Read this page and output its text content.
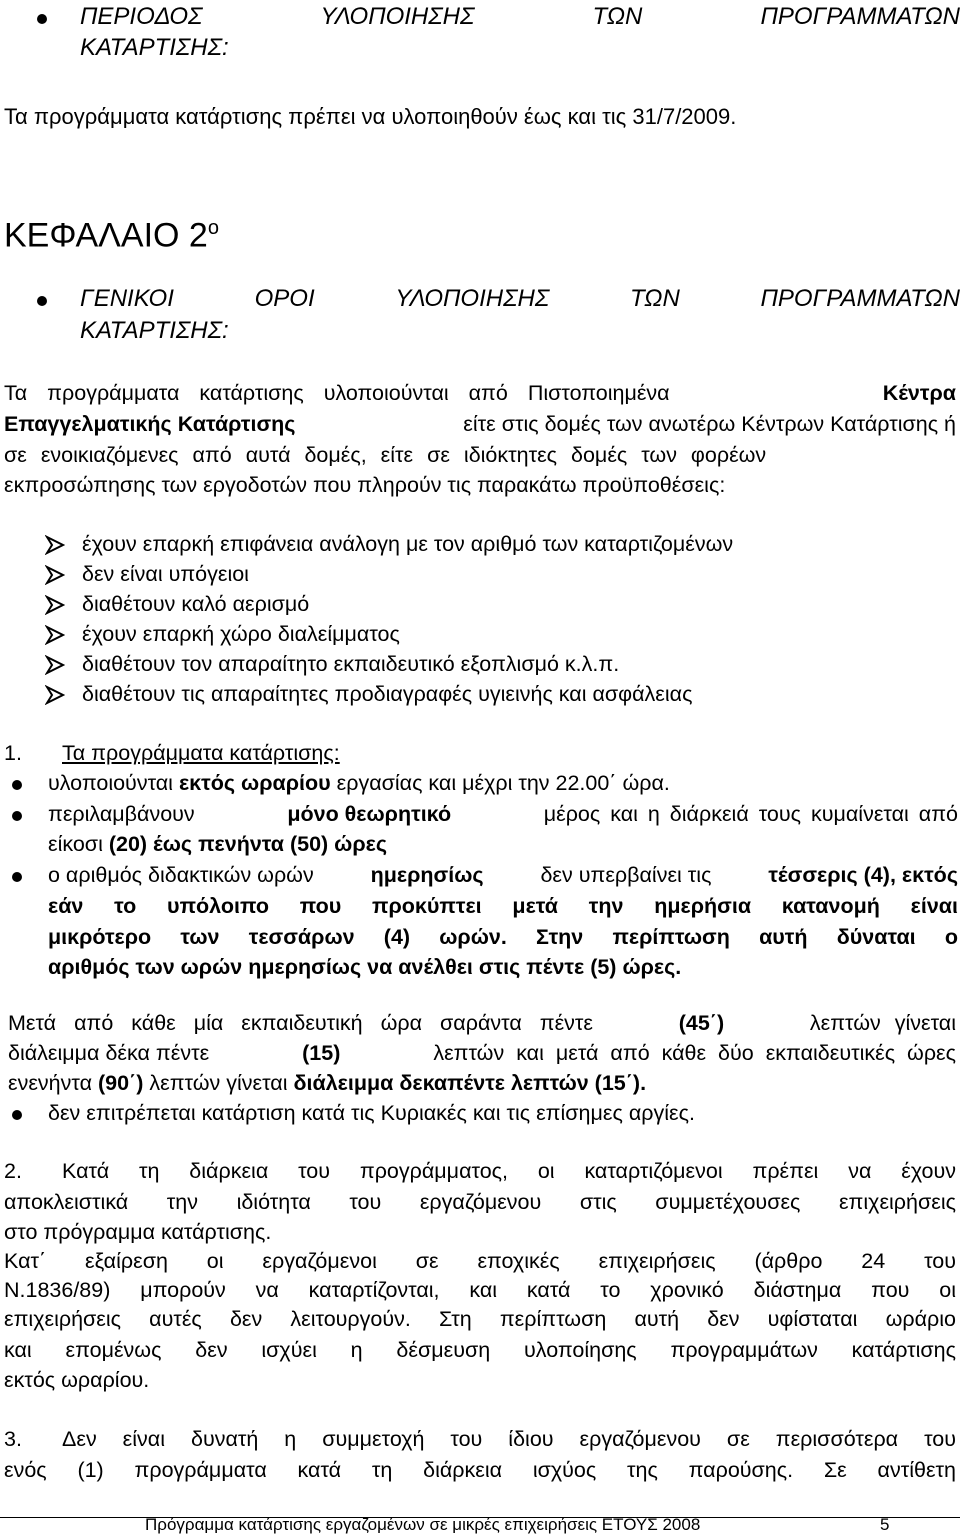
ΠΕΡΙΟΔΟΣ	ΥΛΟΠΟΙΗΣΗΣ	ΤΩΝ	ΠΡΟΓΡΑΜΜΑΤΩΝ
ΚΑΤΑΡΤΙΣΗΣ:
Τα προγράμματα κατάρτισης πρέπει να υλοποιηθούν έως και τις 31/7/2009.
ΚΕΦΑΛΑΙΟ $2^o$
ΓΕΝΙΚΟΙ	ΟΡΟΙ	ΥΛΟΠΟΙΗΣΗΣ	ΤΩΝ	ΠΡΟΓΡΑΜΜΑΤΩΝ
ΚΑΤΑΡΤΙΣΗΣ:
Τα προγράμματα κατάρτισης υλοποιούνται από Πιστοποιημένα	Κέντρα
Επαγγελματικής Κατάρτισης	είτε στις δομές των ανωτέρω Κέντρων Κατάρτισης ή
σε ενοικιαζόμενες από αυτά δομές, είτε σε ιδιόκτητες δομές των φορέων
εκπροσώπησης των εργοδοτών που πληρούν τις παρακάτω προϋποθέσεις:
έχουν επαρκή επιφάνεια ανάλογη με τον αριθμό των καταρτιζομένων
δεν είναι υπόγειοι
διαθέτουν καλό αερισμό
έχουν επαρκή χώρο διαλείμματος
διαθέτουν τον απαραίτητο εκπαιδευτικό εξοπλισμό κ.λ.π.
διαθέτουν τις απαραίτητες προδιαγραφές υγιεινής και ασφάλειας
1. Τα προγράμματα κατάρτισης:
υλοποιούνται εκτός ωραρίου εργασίας και μέχρι την 22.00΄ ώρα.
περιλαμβάνουν	μόνο θεωρητικό	μέρος και η διάρκειά τους κυμαίνεται από
είκοσι (20) έως πενήντα (50) ώρες
ο αριθμός διδακτικών ωρών	ημερησίως	δεν υπερβαίνει τις	τέσσερις (4), εκτός
εάν το υπόλοιπο που προκύπτει μετά την ημερήσια κατανομή είναι
μικρότερο των τεσσάρων (4) ωρών. Στην περίπτωση αυτή δύναται ο
αριθμός των ωρών ημερησίως να ανέλθει στις πέντε (5) ώρες.
Μετά από κάθε μία εκπαιδευτική ώρα σαράντα πέντε	(45΄)	λεπτών γίνεται
διάλειμμα δέκα πέντε	(15)	λεπτών και μετά από κάθε δύο εκπαιδευτικές ώρες
ενενήντα (90΄) λεπτών γίνεται διάλειμμα δεκαπέντε λεπτών (15΄).
δεν επιτρέπεται κατάρτιση κατά τις Κυριακές και τις επίσημες αργίες.
2. Κατά τη διάρκεια του προγράμματος, οι καταρτιζόμενοι πρέπει να έχουν
αποκλειστικά την ιδιότητα του εργαζόμενου στις συμμετέχουσες επιχειρήσεις
στο πρόγραμμα κατάρτισης.
Κατ΄ εξαίρεση οι εργαζόμενοι σε εποχικές επιχειρήσεις (άρθρο 24 του
Ν.1836/89) μπορούν να καταρτίζονται, και κατά το χρονικό διάστημα που οι
επιχειρήσεις αυτές δεν λειτουργούν. Στη περίπτωση αυτή δεν υφίσταται ωράριο
και επομένως δεν ισχύει η δέσμευση υλοποίησης προγραμμάτων κατάρτισης
εκτός ωραρίου.
3. Δεν είναι δυνατή η συμμετοχή του ίδιου εργαζόμενου σε περισσότερα του
ενός (1) προγράμματα κατά τη διάρκεια ισχύος της παρούσης. Σε αντίθετη
Πρόγραμμα κατάρτισης εργαζομένων σε μικρές επιχειρήσεις ΕΤΟΥΣ 2008	5
